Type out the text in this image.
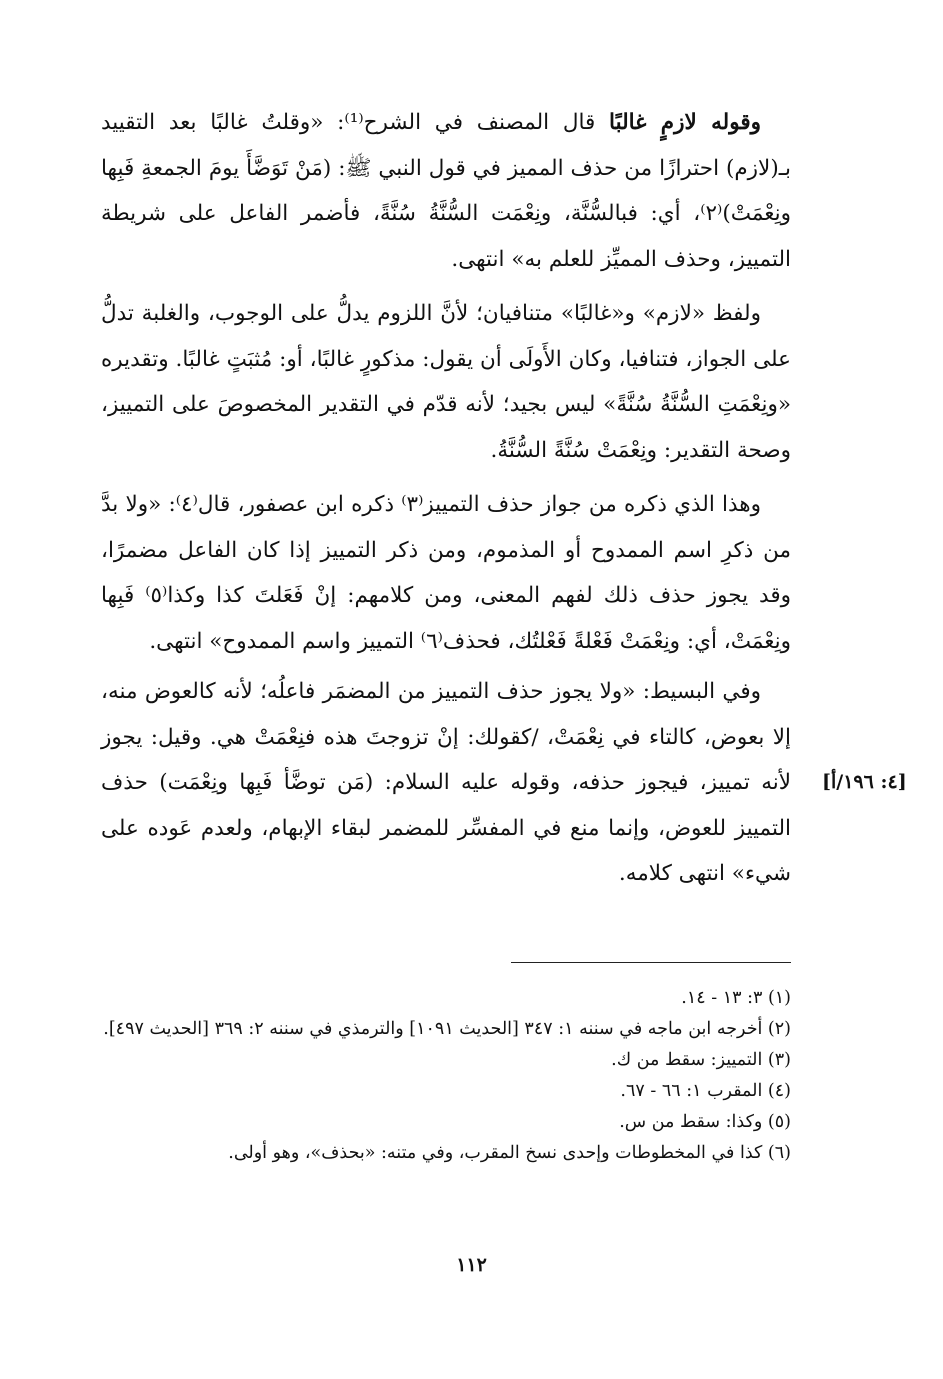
وقوله لازمٍ غالبًا قال المصنف في الشرح⁽¹⁾: «وقلتُ غالبًا بعد التقييد بـ(لازم) احترازًا من حذف المميز في قول النبي ﷺ: (مَنْ تَوَضَّأَ يومَ الجمعةِ فَبِها ونِعْمَتْ)⁽٢⁾، أي: فبالسُّنَّة، ونِعْمَت السُّنَّةُ سُنَّةً، فأضمر الفاعل على شريطة التمييز، وحذف المميِّز للعلم به» انتهى.

ولفظ «لازم» و«غالبًا» متنافيان؛ لأنَّ اللزوم يدلُّ على الوجوب، والغلبة تدلُّ على الجواز، فتنافيا، وكان الأَولَى أن يقول: مذكورٍ غالبًا، أو: مُثبَتٍ غالبًا. وتقديره «ونِعْمَتِ السُّنَّةُ سُنَّةً» ليس بجيد؛ لأنه قدّم في التقدير المخصوصَ على التمييز، وصحة التقدير: ونِعْمَتْ سُنَّةً السُّنَّةُ.

وهذا الذي ذكره من جواز حذف التمييز⁽٣⁾ ذكره ابن عصفور، قال⁽٤⁾: «ولا بدَّ من ذكرِ اسم الممدوح أو المذموم، ومن ذكر التمييز إذا كان الفاعل مضمرًا، وقد يجوز حذف ذلك لفهم المعنى، ومن كلامهم: إنْ فَعَلتَ كذا وكذا⁽٥⁾ فَبِها ونِعْمَتْ، أي: ونِعْمَتْ فَعْلةً فَعْلتُك، فحذف⁽٦⁾ التمييز واسم الممدوح» انتهى.

وفي البسيط: «ولا يجوز حذف التمييز من المضمَر فاعلُه؛ لأنه كالعوض منه، إلا بعوض، كالتاء في نِعْمَتْ، /كقولك: إنْ تزوجتَ هذه فنِعْمَتْ هي. وقيل: يجوز لأنه تمييز، فيجوز حذفه، وقوله عليه السلام: (مَن توضَّأ فَبِها ونِعْمَت) حذف التمييز للعوض، وإنما منع في المفسِّر للمضمر لبقاء الإبهام، ولعدم عَوده على شيء» انتهى كلامه.

[٤: ١٩٦/أ]

(١) ٣: ١٣ - ١٤.

(٢) أخرجه ابن ماجه في سننه ١: ٣٤٧ [الحديث ١٠٩١] والترمذي في سننه ٢: ٣٦٩ [الحديث ٤٩٧].

(٣) التمييز: سقط من ك.

(٤) المقرب ١: ٦٦ - ٦٧.

(٥) وكذا: سقط من س.

(٦) كذا في المخطوطات وإحدى نسخ المقرب، وفي متنه: «بحذف»، وهو أولى.

١١٢
